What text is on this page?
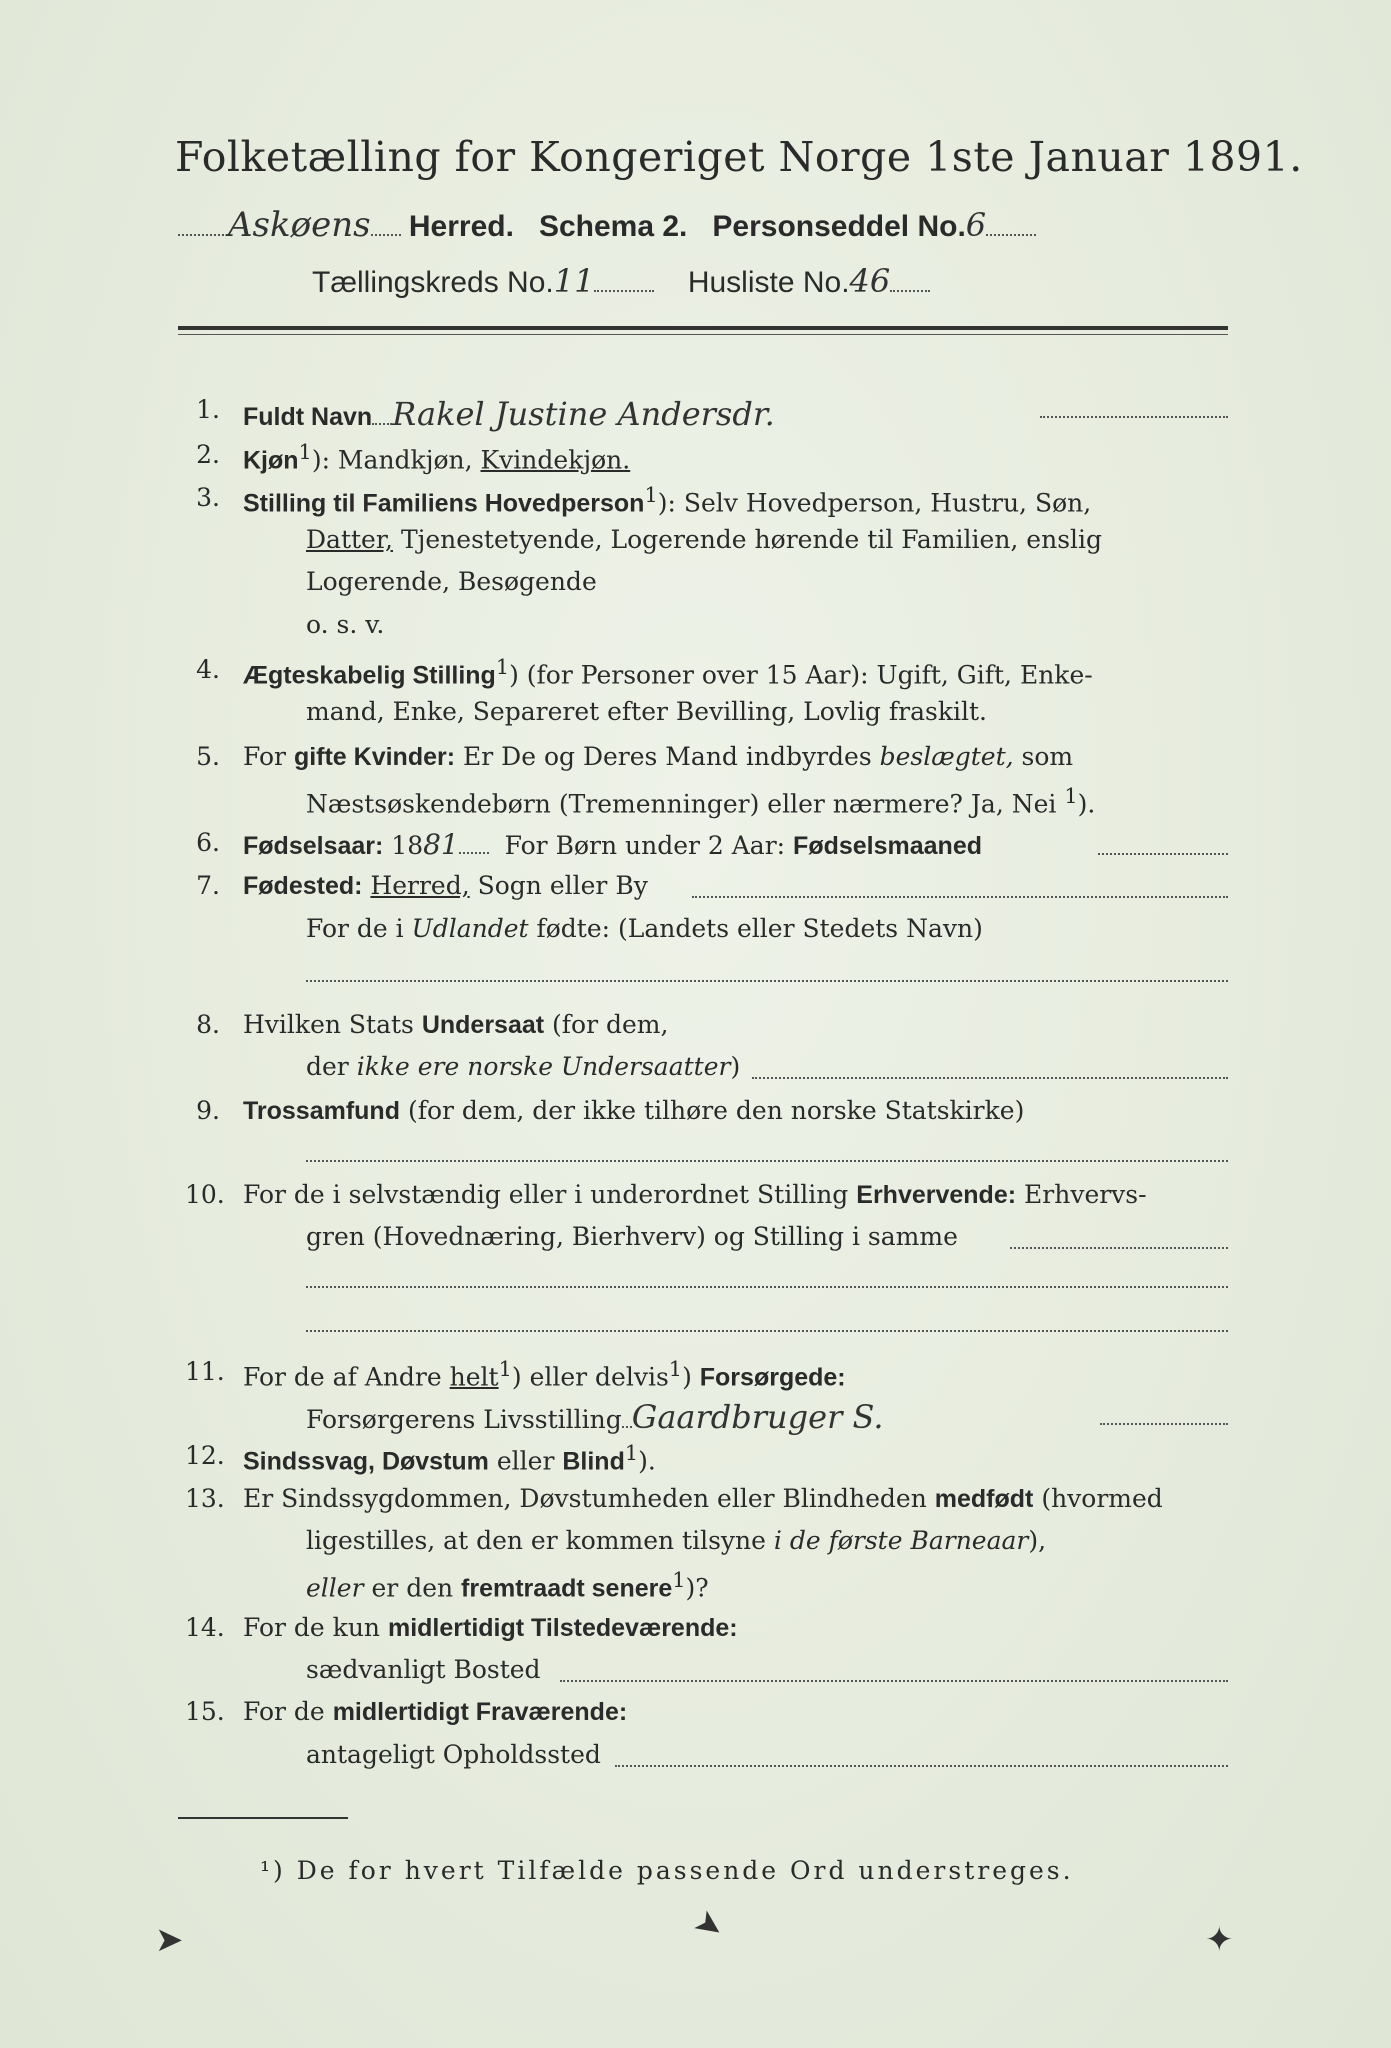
Folketælling for Kongeriget Norge 1ste Januar 1891.
Askøens Herred. Schema 2. Personseddel No.6
Tællingskreds No.11	Husliste No.46
1. Fuldt Navn Rakel Justine Andersdr.
2. Kjøn$^1$): Mandkjøn, Kvindekjøn.
3. Stilling til Familiens Hovedperson$^1$): Selv Hovedperson, Hustru, Søn,
Datter, Tjenestetyende, Logerende hørende til Familien, enslig
Logerende, Besøgende
o. s. v.
4. Ægteskabelig Stilling$^1$) (for Personer over 15 Aar): Ugift, Gift, Enke-
mand, Enke, Separeret efter Bevilling, Lovlig fraskilt.
5. For gifte Kvinder: Er De og Deres Mand indbyrdes beslægtet, som
Næstsøskendebørn (Tremenninger) eller nærmere? Ja, Nei $^1$).
6. Fødselsaar: 1881 For Børn under 2 Aar: Fødselsmaaned
7. Fødested: Herred, Sogn eller By
For de i Udlandet fødte: (Landets eller Stedets Navn)
8. Hvilken Stats Undersaat (for dem,
der ikke ere norske Undersaatter)
9. Trossamfund (for dem, der ikke tilhøre den norske Statskirke)
10. For de i selvstændig eller i underordnet Stilling Erhvervende: Erhvervs-
gren (Hovednæring, Bierhverv) og Stilling i samme
11. For de af Andre helt$^1$) eller delvis$^1$) Forsørgede:
Forsørgerens Livsstilling Gaardbruger S.
12. Sindssvag, Døvstum eller Blind$^1$).
13. Er Sindssygdommen, Døvstumheden eller Blindheden medfødt (hvormed
ligestilles, at den er kommen tilsyne i de første Barneaar),
eller er den fremtraadt senere$^1$)?
14. For de kun midlertidigt Tilstedeværende:
sædvanligt Bosted
15. For de midlertidigt Fraværende:
antageligt Opholdssted
¹) De for hvert Tilfælde passende Ord understreges.
➤	➤	✦
